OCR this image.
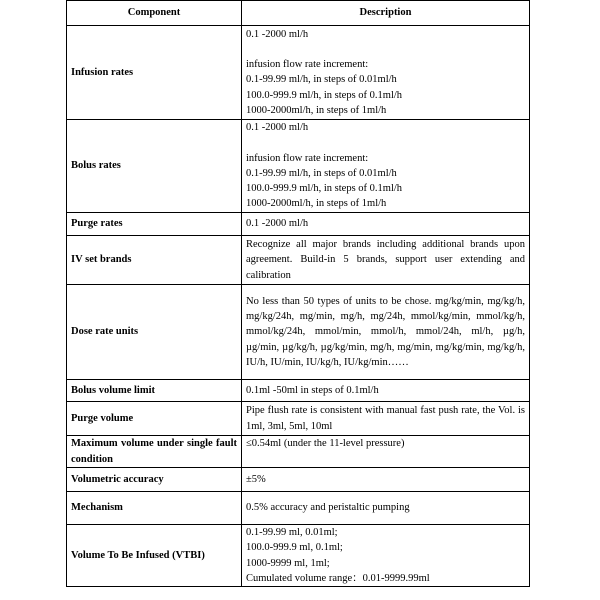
Component	Description
Infusion rates	0.1 -2000 ml/h
infusion flow rate increment:
0.1-99.99 ml/h, in steps of 0.01ml/h
100.0-999.9 ml/h, in steps of 0.1ml/h
1000-2000ml/h, in steps of 1ml/h

Bolus rates	0.1 -2000 ml/h
infusion flow rate increment:
0.1-99.99 ml/h, in steps of 0.01ml/h
100.0-999.9 ml/h, in steps of 0.1ml/h
1000-2000ml/h, in steps of 1ml/h

Purge rates	0.1 -2000 ml/h

IV set brands	Recognize all major brands including additional brands upon agreement. Build-in 5 brands, support user extending and calibration
Dose rate units	No less than 50 types of units to be chose. mg/kg/min, mg/kg/h, mg/kg/24h, mg/min, mg/h, mg/24h, mmol/kg/min, mmol/kg/h, mmol/kg/24h, mmol/min, mmol/h, mmol/24h, ml/h, µg/h, µg/min, µg/kg/h, µg/kg/min, mg/h, mg/min, mg/kg/min, mg/kg/h, IU/h, IU/min, IU/kg/h, IU/kg/min……
Bolus volume limit	0.1ml -50ml in steps of 0.1ml/h

Purge volume	Pipe flush rate is consistent with manual fast push rate, the Vol. is 1ml, 3ml, 5ml, 10ml
Maximum volume under single fault condition	≤0.54ml (under the 11-level pressure)

Volumetric accuracy	±5%

Mechanism	0.5% accuracy and peristaltic pumping

Volume To Be Infused (VTBI)	0.1-99.99 ml, 0.01ml;
100.0-999.9 ml, 0.1ml;
1000-9999 ml, 1ml;
Cumulated volume range：0.01-9999.99ml
